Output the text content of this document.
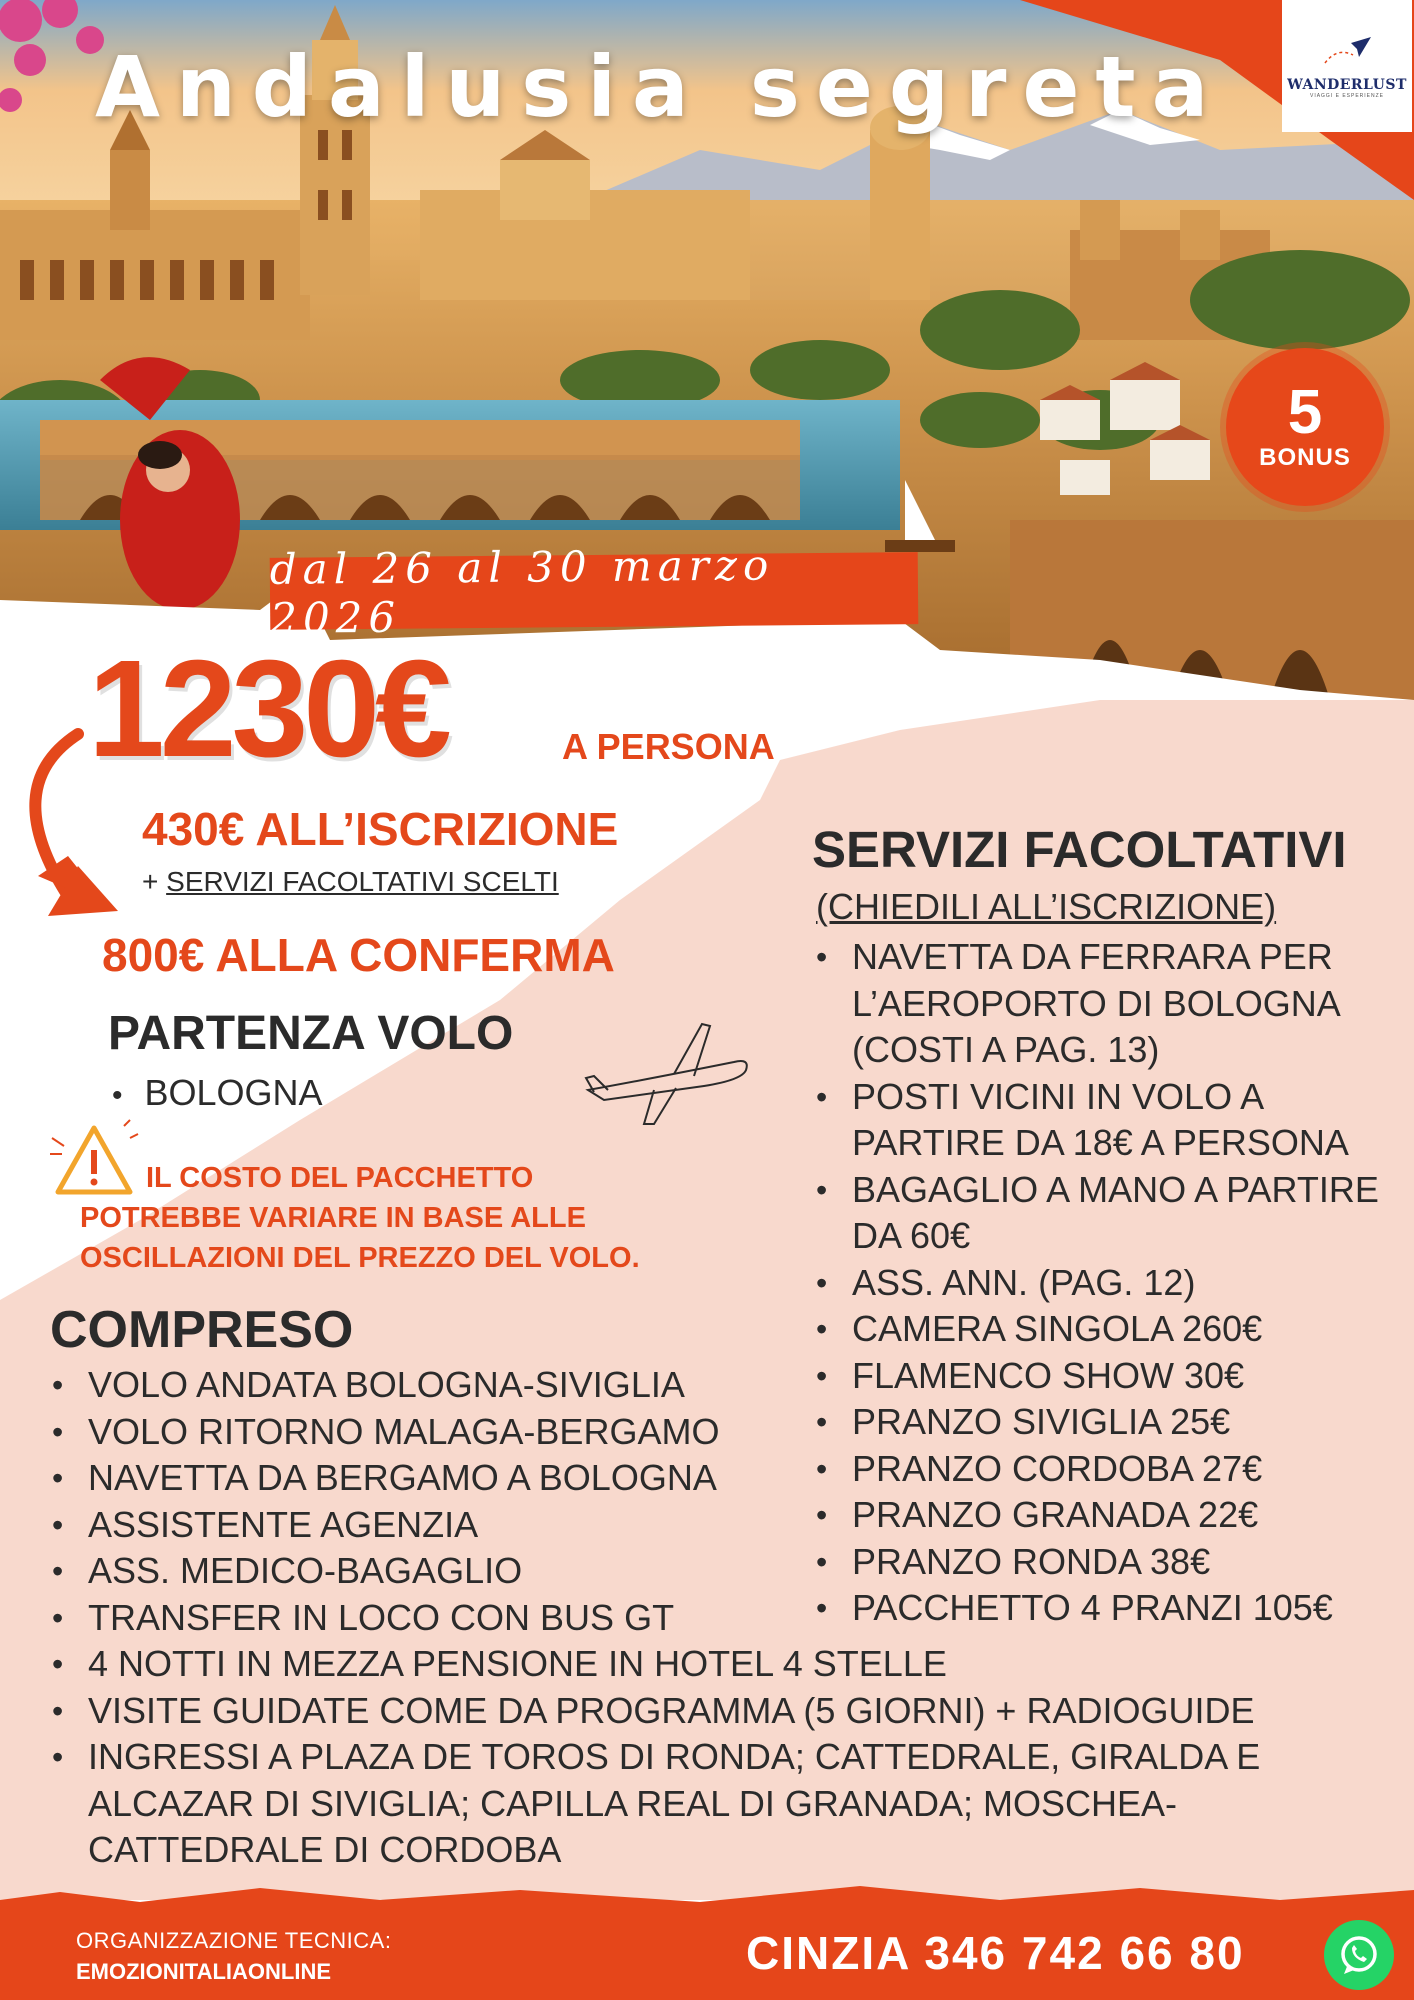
Andalusia segreta	WANDERLUST
VIAGGI E ESPERIENZE
5
BONUS
dal 26 al 30 marzo 2026
1230€	A PERSONA
430€ ALL’ISCRIZIONE
+ SERVIZI FACOLTATIVI SCELTI
800€ ALLA CONFERMA
PARTENZA VOLO
• BOLOGNA
IL COSTO DEL PACCHETTO
POTREBBE VARIARE IN BASE ALLE
OSCILLAZIONI DEL PREZZO DEL VOLO.
COMPRESO
• VOLO ANDATA BOLOGNA-SIVIGLIA
• VOLO RITORNO MALAGA-BERGAMO
• NAVETTA DA BERGAMO A BOLOGNA
• ASSISTENTE AGENZIA
• ASS. MEDICO-BAGAGLIO
• TRANSFER IN LOCO CON BUS GT
• 4 NOTTI IN MEZZA PENSIONE IN HOTEL 4 STELLE
• VISITE GUIDATE COME DA PROGRAMMA (5 GIORNI) + RADIOGUIDE
• INGRESSI A PLAZA DE TOROS DI RONDA; CATTEDRALE, GIRALDA E ALCAZAR DI SIVIGLIA; CAPILLA REAL DI GRANADA; MOSCHEA-CATTEDRALE DI CORDOBA
SERVIZI FACOLTATIVI
(CHIEDILI ALL’ISCRIZIONE)
• NAVETTA DA FERRARA PER L’AEROPORTO DI BOLOGNA (COSTI A PAG. 13)
• POSTI VICINI IN VOLO A PARTIRE DA 18€ A PERSONA
• BAGAGLIO A MANO A PARTIRE DA 60€
• ASS. ANN. (PAG. 12)
• CAMERA SINGOLA 260€
• FLAMENCO SHOW 30€
• PRANZO SIVIGLIA 25€
• PRANZO CORDOBA 27€
• PRANZO GRANADA 22€
• PRANZO RONDA 38€
• PACCHETTO 4 PRANZI 105€
ORGANIZZAZIONE TECNICA:
EMOZIONITALIAONLINE	CINZIA 346 742 66 80
